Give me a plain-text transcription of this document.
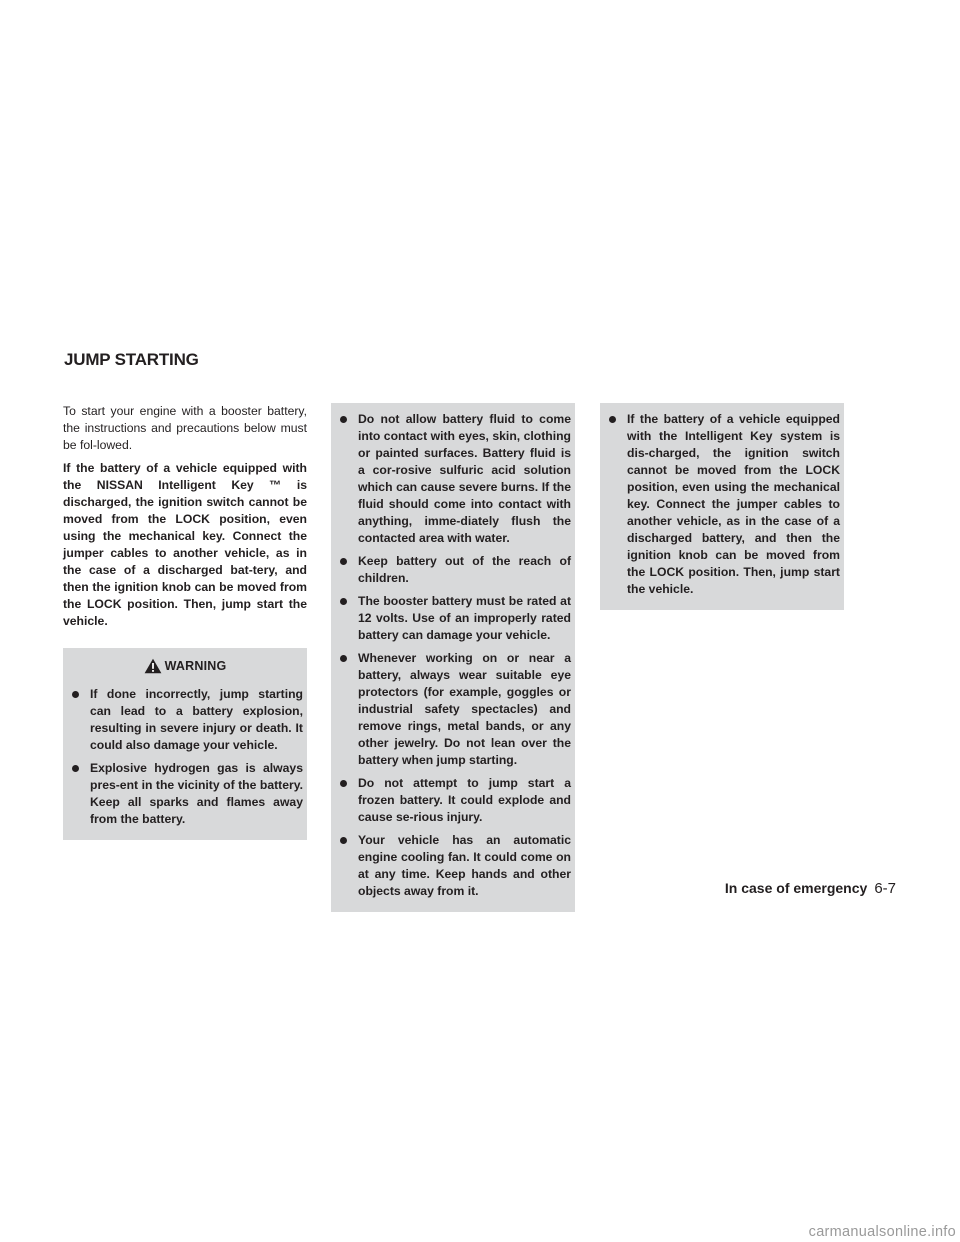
JUMP STARTING

To start your engine with a booster battery, the instructions and precautions below must be fol-lowed.

If the battery of a vehicle equipped with the NISSAN Intelligent Key ™ is discharged, the ignition switch cannot be moved from the LOCK position, even using the mechanical key. Connect the jumper cables to another vehicle, as in the case of a discharged bat-tery, and then the ignition knob can be moved from the LOCK position. Then, jump start the vehicle.

WARNING
If done incorrectly, jump starting can lead to a battery explosion, resulting in severe injury or death. It could also damage your vehicle.
Explosive hydrogen gas is always pres-ent in the vicinity of the battery. Keep all sparks and flames away from the battery.
Do not allow battery fluid to come into contact with eyes, skin, clothing or painted surfaces. Battery fluid is a cor-rosive sulfuric acid solution which can cause severe burns. If the fluid should come into contact with anything, imme-diately flush the contacted area with water.
Keep battery out of the reach of children.
The booster battery must be rated at 12 volts. Use of an improperly rated battery can damage your vehicle.
Whenever working on or near a battery, always wear suitable eye protectors (for example, goggles or industrial safety spectacles) and remove rings, metal bands, or any other jewelry. Do not lean over the battery when jump starting.
Do not attempt to jump start a frozen battery. It could explode and cause se-rious injury.
Your vehicle has an automatic engine cooling fan. It could come on at any time. Keep hands and other objects away from it.
If the battery of a vehicle equipped with the Intelligent Key system is dis-charged, the ignition switch cannot be moved from the LOCK position, even using the mechanical key. Connect the jumper cables to another vehicle, as in the case of a discharged battery, and then the ignition knob can be moved from the LOCK position. Then, jump start the vehicle.
In case of emergency 6-7
carmanualsonline.info
